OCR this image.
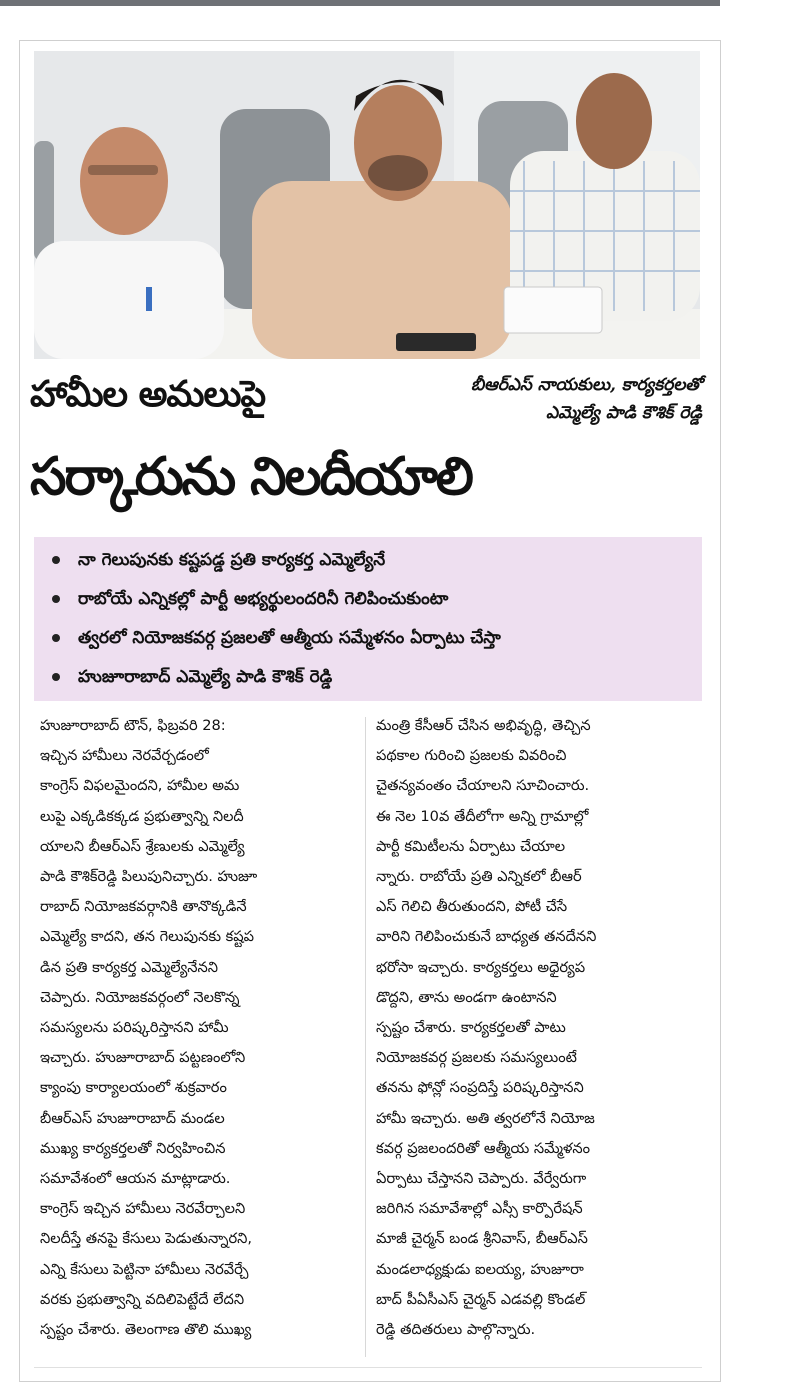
హామీల అమలుపై	బీఆర్ఎస్ నాయకులు, కార్యకర్తలతో
ఎమ్మెల్యే పాడి కౌశిక్ రెడ్డి
సర్కారును నిలదీయాలి
నా గెలుపునకు కష్టపడ్డ ప్రతి కార్యకర్త ఎమ్మెల్యేనే
రాబోయే ఎన్నికల్లో పార్టీ అభ్యర్థులందరినీ గెలిపించుకుంటా
త్వరలో నియోజకవర్గ ప్రజలతో ఆత్మీయ సమ్మేళనం ఏర్పాటు చేస్తా
హుజూరాబాద్ ఎమ్మెల్యే పాడి కౌశిక్ రెడ్డి
హుజూరాబాద్ టౌన్, ఫిబ్రవరి 28:
ఇచ్చిన హామీలు నెరవేర్చడంలో
కాంగ్రెస్ విఫలమైందని, హామీల అమ
లుపై ఎక్కడికక్కడ ప్రభుత్వాన్ని నిలదీ
యాలని బీఆర్ఎస్ శ్రేణులకు ఎమ్మెల్యే
పాడి కౌశిక్‌రెడ్డి పిలుపునిచ్చారు. హుజూ
రాబాద్ నియోజకవర్గానికి తానొక్కడినే
ఎమ్మెల్యే కాదని, తన గెలుపునకు కష్టప
డిన ప్రతి కార్యకర్త ఎమ్మెల్యేనేనని
చెప్పారు. నియోజకవర్గంలో నెలకొన్న
సమస్యలను పరిష్కరిస్తానని హామీ
ఇచ్చారు. హుజూరాబాద్ పట్టణంలోని
క్యాంపు కార్యాలయంలో శుక్రవారం
బీఆర్ఎస్ హుజూరాబాద్ మండల
ముఖ్య కార్యకర్తలతో నిర్వహించిన
సమావేశంలో ఆయన మాట్లాడారు.
కాంగ్రెస్ ఇచ్చిన హామీలు నెరవేర్చాలని
నిలదీస్తే తనపై కేసులు పెడుతున్నారని,
ఎన్ని కేసులు పెట్టినా హామీలు నెరవేర్చే
వరకు ప్రభుత్వాన్ని వదిలిపెట్టేదే లేదని
స్పష్టం చేశారు. తెలంగాణ తొలి ముఖ్య
మంత్రి కేసీఆర్ చేసిన అభివృద్ధి, తెచ్చిన
పథకాల గురించి ప్రజలకు వివరించి
చైతన్యవంతం చేయాలని సూచించారు.
ఈ నెల 10వ తేదీలోగా అన్ని గ్రామాల్లో
పార్టీ కమిటీలను ఏర్పాటు చేయాల
న్నారు. రాబోయే ప్రతి ఎన్నికలో బీఆర్
ఎస్ గెలిచి తీరుతుందని, పోటీ చేసే
వారిని గెలిపించుకునే బాధ్యత తనదేనని
భరోసా ఇచ్చారు. కార్యకర్తలు అధైర్యప
డొద్దని, తాను అండగా ఉంటానని
స్పష్టం చేశారు. కార్యకర్తలతో పాటు
నియోజకవర్గ ప్రజలకు సమస్యలుంటే
తనను ఫోన్లో సంప్రదిస్తే పరిష్కరిస్తానని
హామీ ఇచ్చారు. అతి త్వరలోనే నియోజ
కవర్గ ప్రజలందరితో ఆత్మీయ సమ్మేళనం
ఏర్పాటు చేస్తానని చెప్పారు. వేర్వేరుగా
జరిగిన సమావేశాల్లో ఎస్సీ కార్పొరేషన్
మాజీ చైర్మన్ బండ శ్రీనివాస్, బీఆర్ఎస్
మండలాధ్యక్షుడు ఐలయ్య, హుజూరా
బాద్ పీఏసీఎస్ చైర్మన్ ఎడవల్లి కొండల్
రెడ్డి తదితరులు పాల్గొన్నారు.
